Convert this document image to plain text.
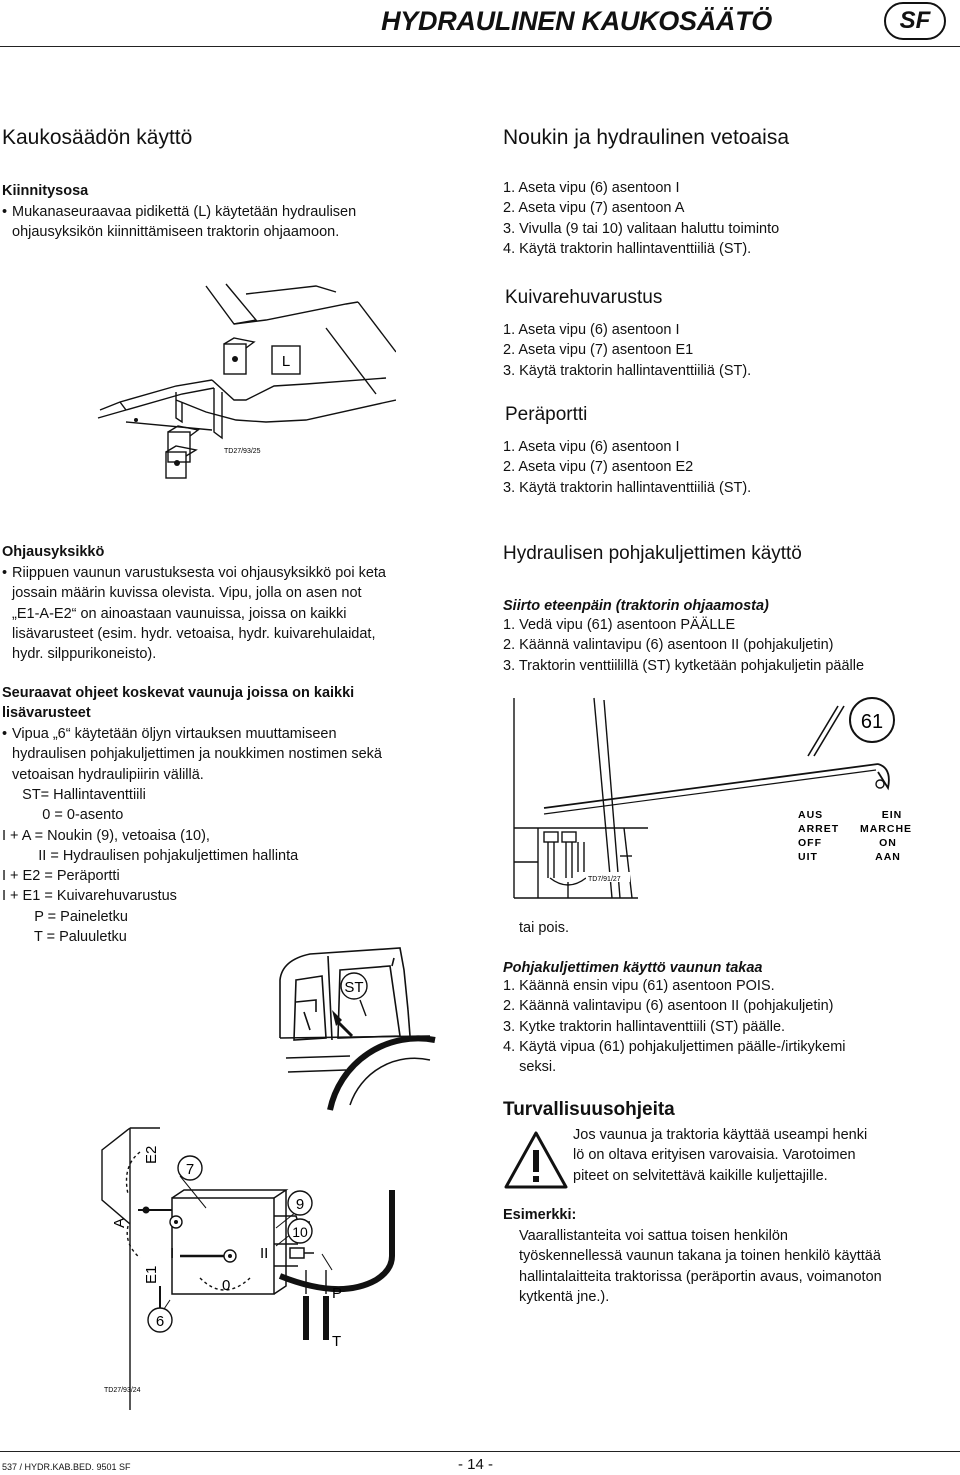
HYDRAULINEN KAUKOSÄÄTÖ	SF
Kaukosäädön käyttö
Kiinnitysosa
• Mukanaseuraavaa pidikettä (L) käytetään hydraulisen
ohjausyksikön kiinnittämiseen traktorin ohjaamoon.
L
TD27/93/25
Noukin ja hydraulinen vetoaisa
1. Aseta vipu (6) asentoon I
2. Aseta vipu (7) asentoon A
3. Vivulla (9 tai 10) valitaan haluttu toiminto
4. Käytä traktorin hallintaventtiiliä (ST).
Kuivarehuvarustus
1. Aseta vipu (6) asentoon I
2. Aseta vipu (7) asentoon E1
3. Käytä traktorin hallintaventtiiliä (ST).
Peräportti
1. Aseta vipu (6) asentoon I
2. Aseta vipu (7) asentoon E2
3. Käytä traktorin hallintaventtiiliä (ST).
Ohjausyksikkö
• Riippuen vaunun varustuksesta voi ohjausyksikkö poi keta
jossain määrin kuvissa olevista. Vipu, jolla on asen not
„E1-A-E2“ on ainoastaan vaunuissa, joissa on kaikki
lisävarusteet (esim. hydr. vetoaisa, hydr. kuivarehulaidat,
hydr. silppurikoneisto).
Seuraavat ohjeet koskevat vaunuja joissa on kaikki
lisävarusteet
• Vipua „6“ käytetään öljyn virtauksen muuttamiseen
hydraulisen pohjakuljettimen ja noukkimen nostimen sekä
vetoaisan hydraulipiirin välillä.
ST= Hallintaventtiili
0 = 0-asento
I + A = Noukin (9), vetoaisa (10),
II = Hydraulisen pohjakuljettimen hallinta
I + E2 = Peräportti
I + E1 = Kuivarehuvarustus
P = Paineletku
T = Paluuletku
ST
E2
A
E1
7
9
10
I	II
0
6
P
T
TD27/93/24
Hydraulisen pohjakuljettimen käyttö
Siirto eteenpäin (traktorin ohjaamosta)
1. Vedä vipu (61) asentoon PÄÄLLE
2. Käännä valintavipu (6) asentoon II (pohjakuljetin)
3. Traktorin venttiilillä (ST) kytketään pohjakuljetin päälle
61
AUS
ARRET
OFF
UIT
EIN
MARCHE
ON
AAN
TD7/91/27
tai pois.
Pohjakuljettimen käyttö vaunun takaa
1. Käännä ensin vipu (61) asentoon POIS.
2. Käännä valintavipu (6) asentoon II (pohjakuljetin)
3. Kytke traktorin hallintaventtiili (ST) päälle.
4. Käytä vipua (61) pohjakuljettimen päälle-/irtikykemi
seksi.
Turvallisuusohjeita
Jos vaunua ja traktoria käyttää useampi henki
lö on oltava erityisen varovaisia. Varotoimen
piteet on selvitettävä kaikille kuljettajille.
Esimerkki:
Vaarallistanteita voi sattua toisen henkilön
työskennellessä vaunun takana ja toinen henkilö käyttää
hallintalaitteita traktorissa (peräportin avaus, voimanoton
kytkentä jne.).
537 / HYDR.KAB.BED. 9501 SF	- 14 -
